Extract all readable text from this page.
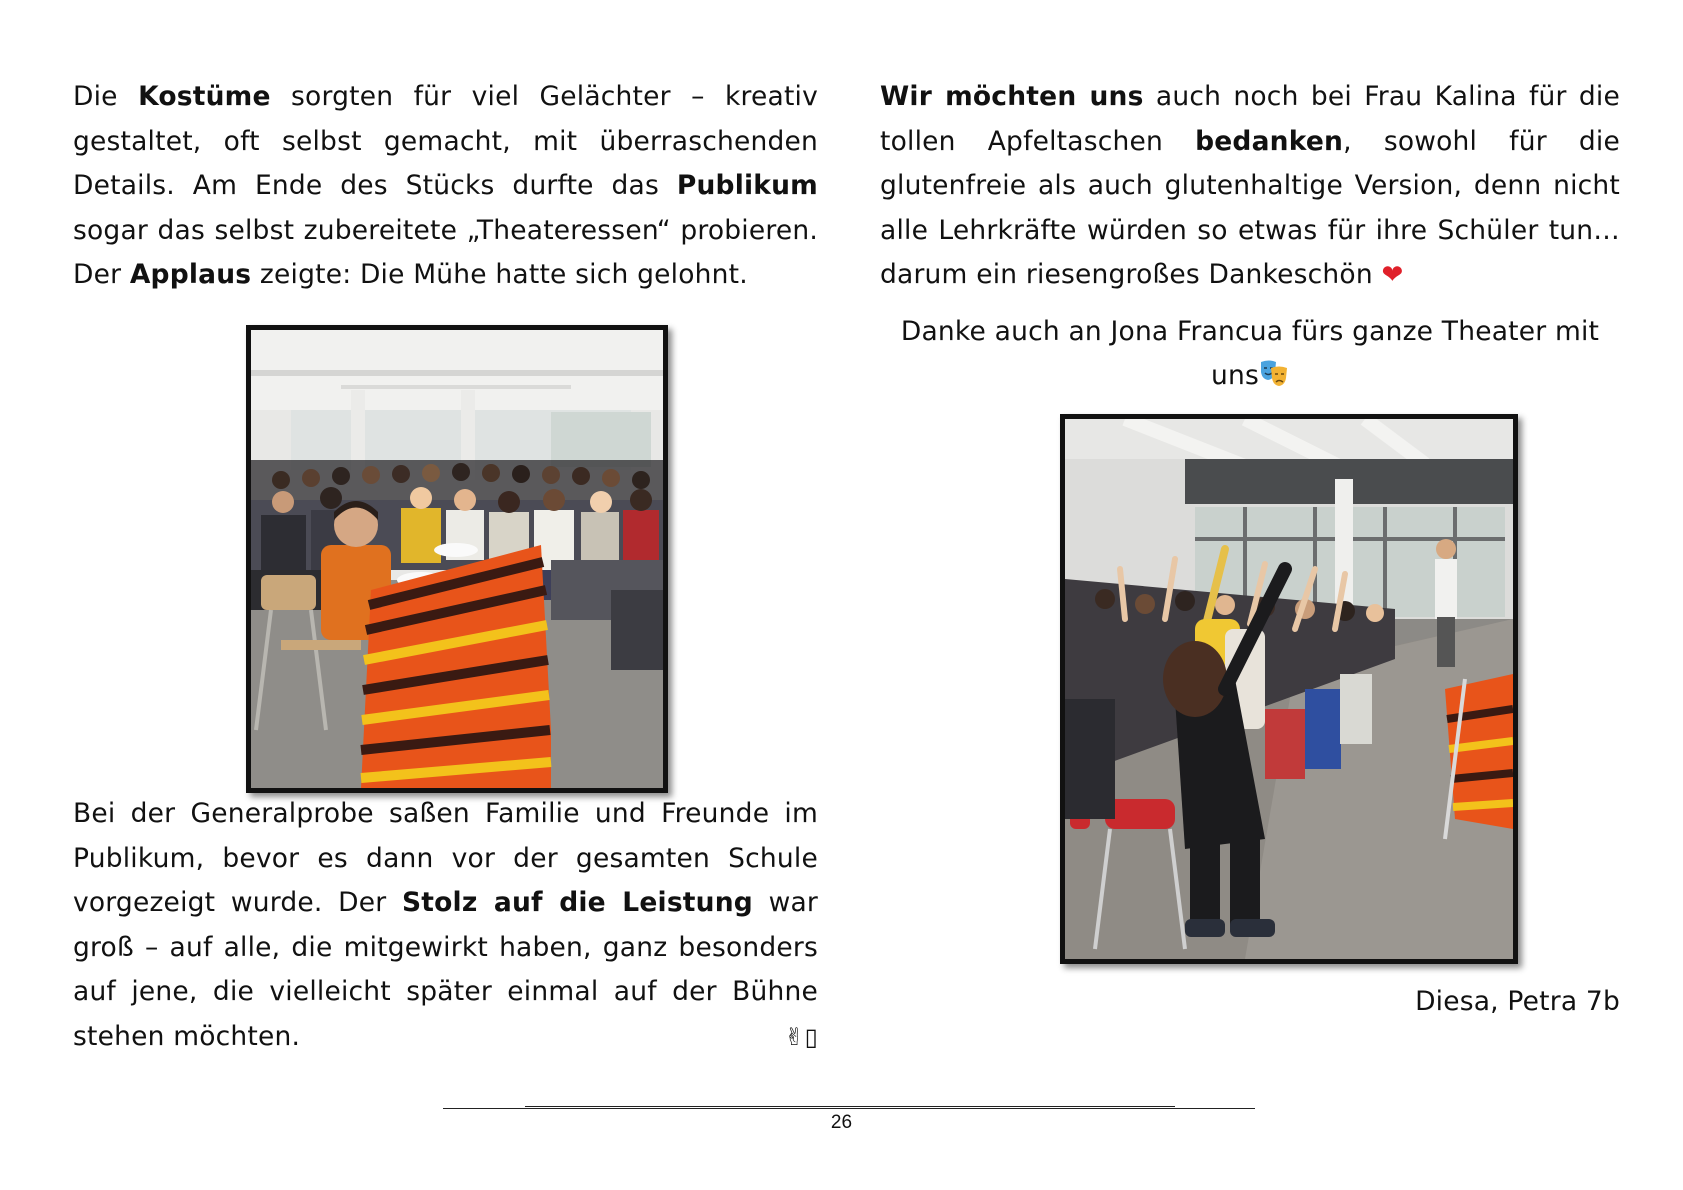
Die Kostüme sorgten für viel Gelächter – kreativ gestaltet, oft selbst gemacht, mit überraschenden Details. Am Ende des Stücks durfte das Publikum sogar das selbst zubereitete „Theateressen“ probieren. Der Applaus zeigte: Die Mühe hatte sich gelohnt.

Bei der Generalprobe saßen Familie und Freunde im Publikum, bevor es dann vor der gesamten Schule vorgezeigt wurde. Der Stolz auf die Leistung war groß – auf alle, die mitgewirkt haben, ganz besonders auf jene, die vielleicht später einmal auf der Bühne stehen möchten.	✌︎▯

Wir möchten uns auch noch bei Frau Kalina für die tollen Apfeltaschen bedanken, sowohl für die glutenfreie als auch glutenhaltige Version, denn nicht alle Lehrkräfte würden so etwas für ihre Schüler tun… darum ein riesengroßes Dankeschön ❤

Danke auch an Jona Francua fürs ganze Theater mit uns

Diesa, Petra 7b

26
